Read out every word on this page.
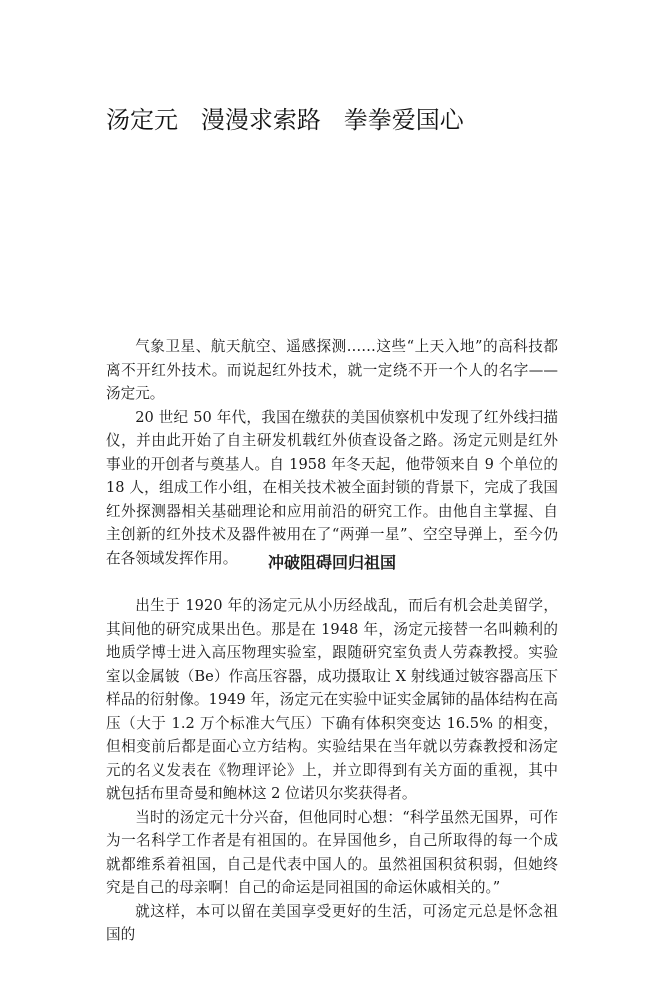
汤定元   漫漫求索路   拳拳爱国心

气象卫星、航天航空、遥感探测……这些“上天入地”的高科技都离不开红外技术。而说起红外技术，就一定绕不开一个人的名字——汤定元。

20 世纪 50 年代，我国在缴获的美国侦察机中发现了红外线扫描仪，并由此开始了自主研发机载红外侦查设备之路。汤定元则是红外事业的开创者与奠基人。自 1958 年冬天起，他带领来自 9 个单位的 18 人，组成工作小组，在相关技术被全面封锁的背景下，完成了我国红外探测器相关基础理论和应用前沿的研究工作。由他自主掌握、自主创新的红外技术及器件被用在了“两弹一星”、空空导弹上，至今仍在各领域发挥作用。	冲破阻碍回归祖国

出生于 1920 年的汤定元从小历经战乱，而后有机会赴美留学，其间他的研究成果出色。那是在 1948 年，汤定元接替一名叫赖利的地质学博士进入高压物理实验室，跟随研究室负责人劳森教授。实验室以金属铍（Be）作高压容器，成功摄取让 X 射线通过铍容器高压下样品的衍射像。1949 年，汤定元在实验中证实金属铈的晶体结构在高压（大于 1.2 万个标准大气压）下确有体积突变达 16.5% 的相变，但相变前后都是面心立方结构。实验结果在当年就以劳森教授和汤定元的名义发表在《物理评论》上，并立即得到有关方面的重视，其中就包括布里奇曼和鲍林这 2 位诺贝尔奖获得者。

当时的汤定元十分兴奋，但他同时心想：“科学虽然无国界，可作为一名科学工作者是有祖国的。在异国他乡，自己所取得的每一个成就都维系着祖国，自己是代表中国人的。虽然祖国积贫积弱，但她终究是自己的母亲啊！自己的命运是同祖国的命运休戚相关的。”

就这样，本可以留在美国享受更好的生活，可汤定元总是怀念祖国的
